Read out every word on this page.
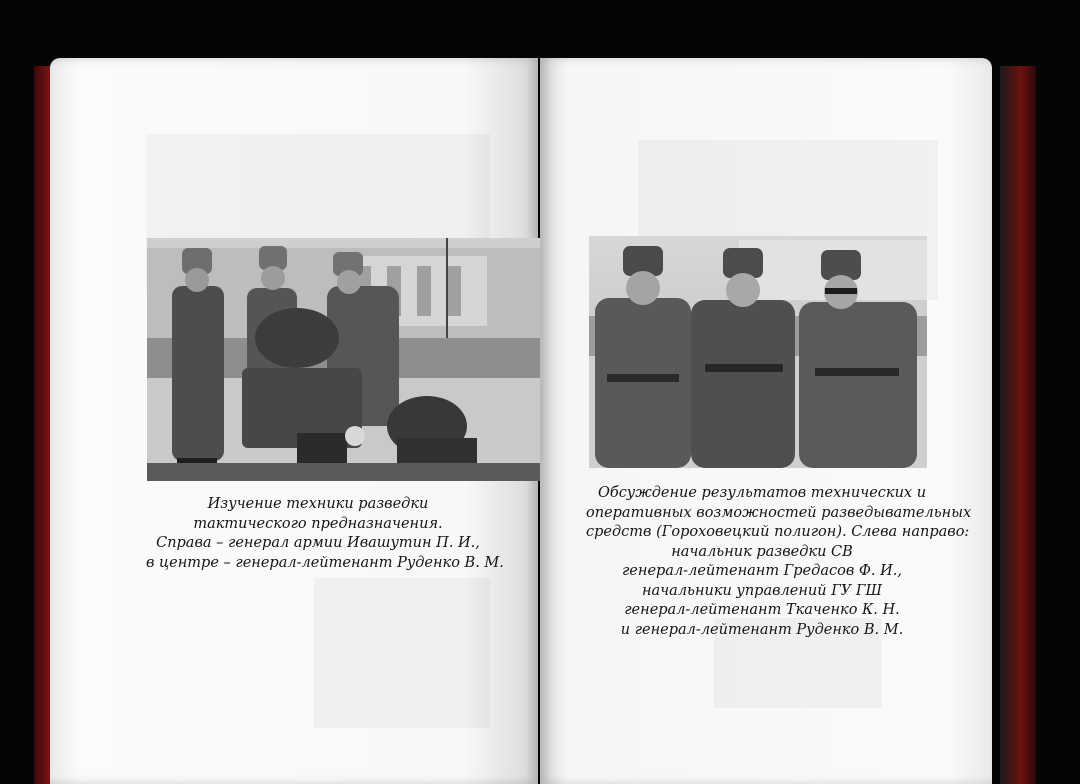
Изучение техники разведки
тактического предназначения.
Справа – генерал армии Ивашутин П. И.,
в центре – генерал-лейтенант Руденко В. М.
Обсуждение результатов технических и
оперативных возможностей разведывательных
средств (Гороховецкий полигон). Слева направо:
начальник разведки СВ
генерал-лейтенант Гредасов Ф. И.,
начальники управлений ГУ ГШ
генерал-лейтенант Ткаченко К. Н.
и генерал-лейтенант Руденко В. М.
